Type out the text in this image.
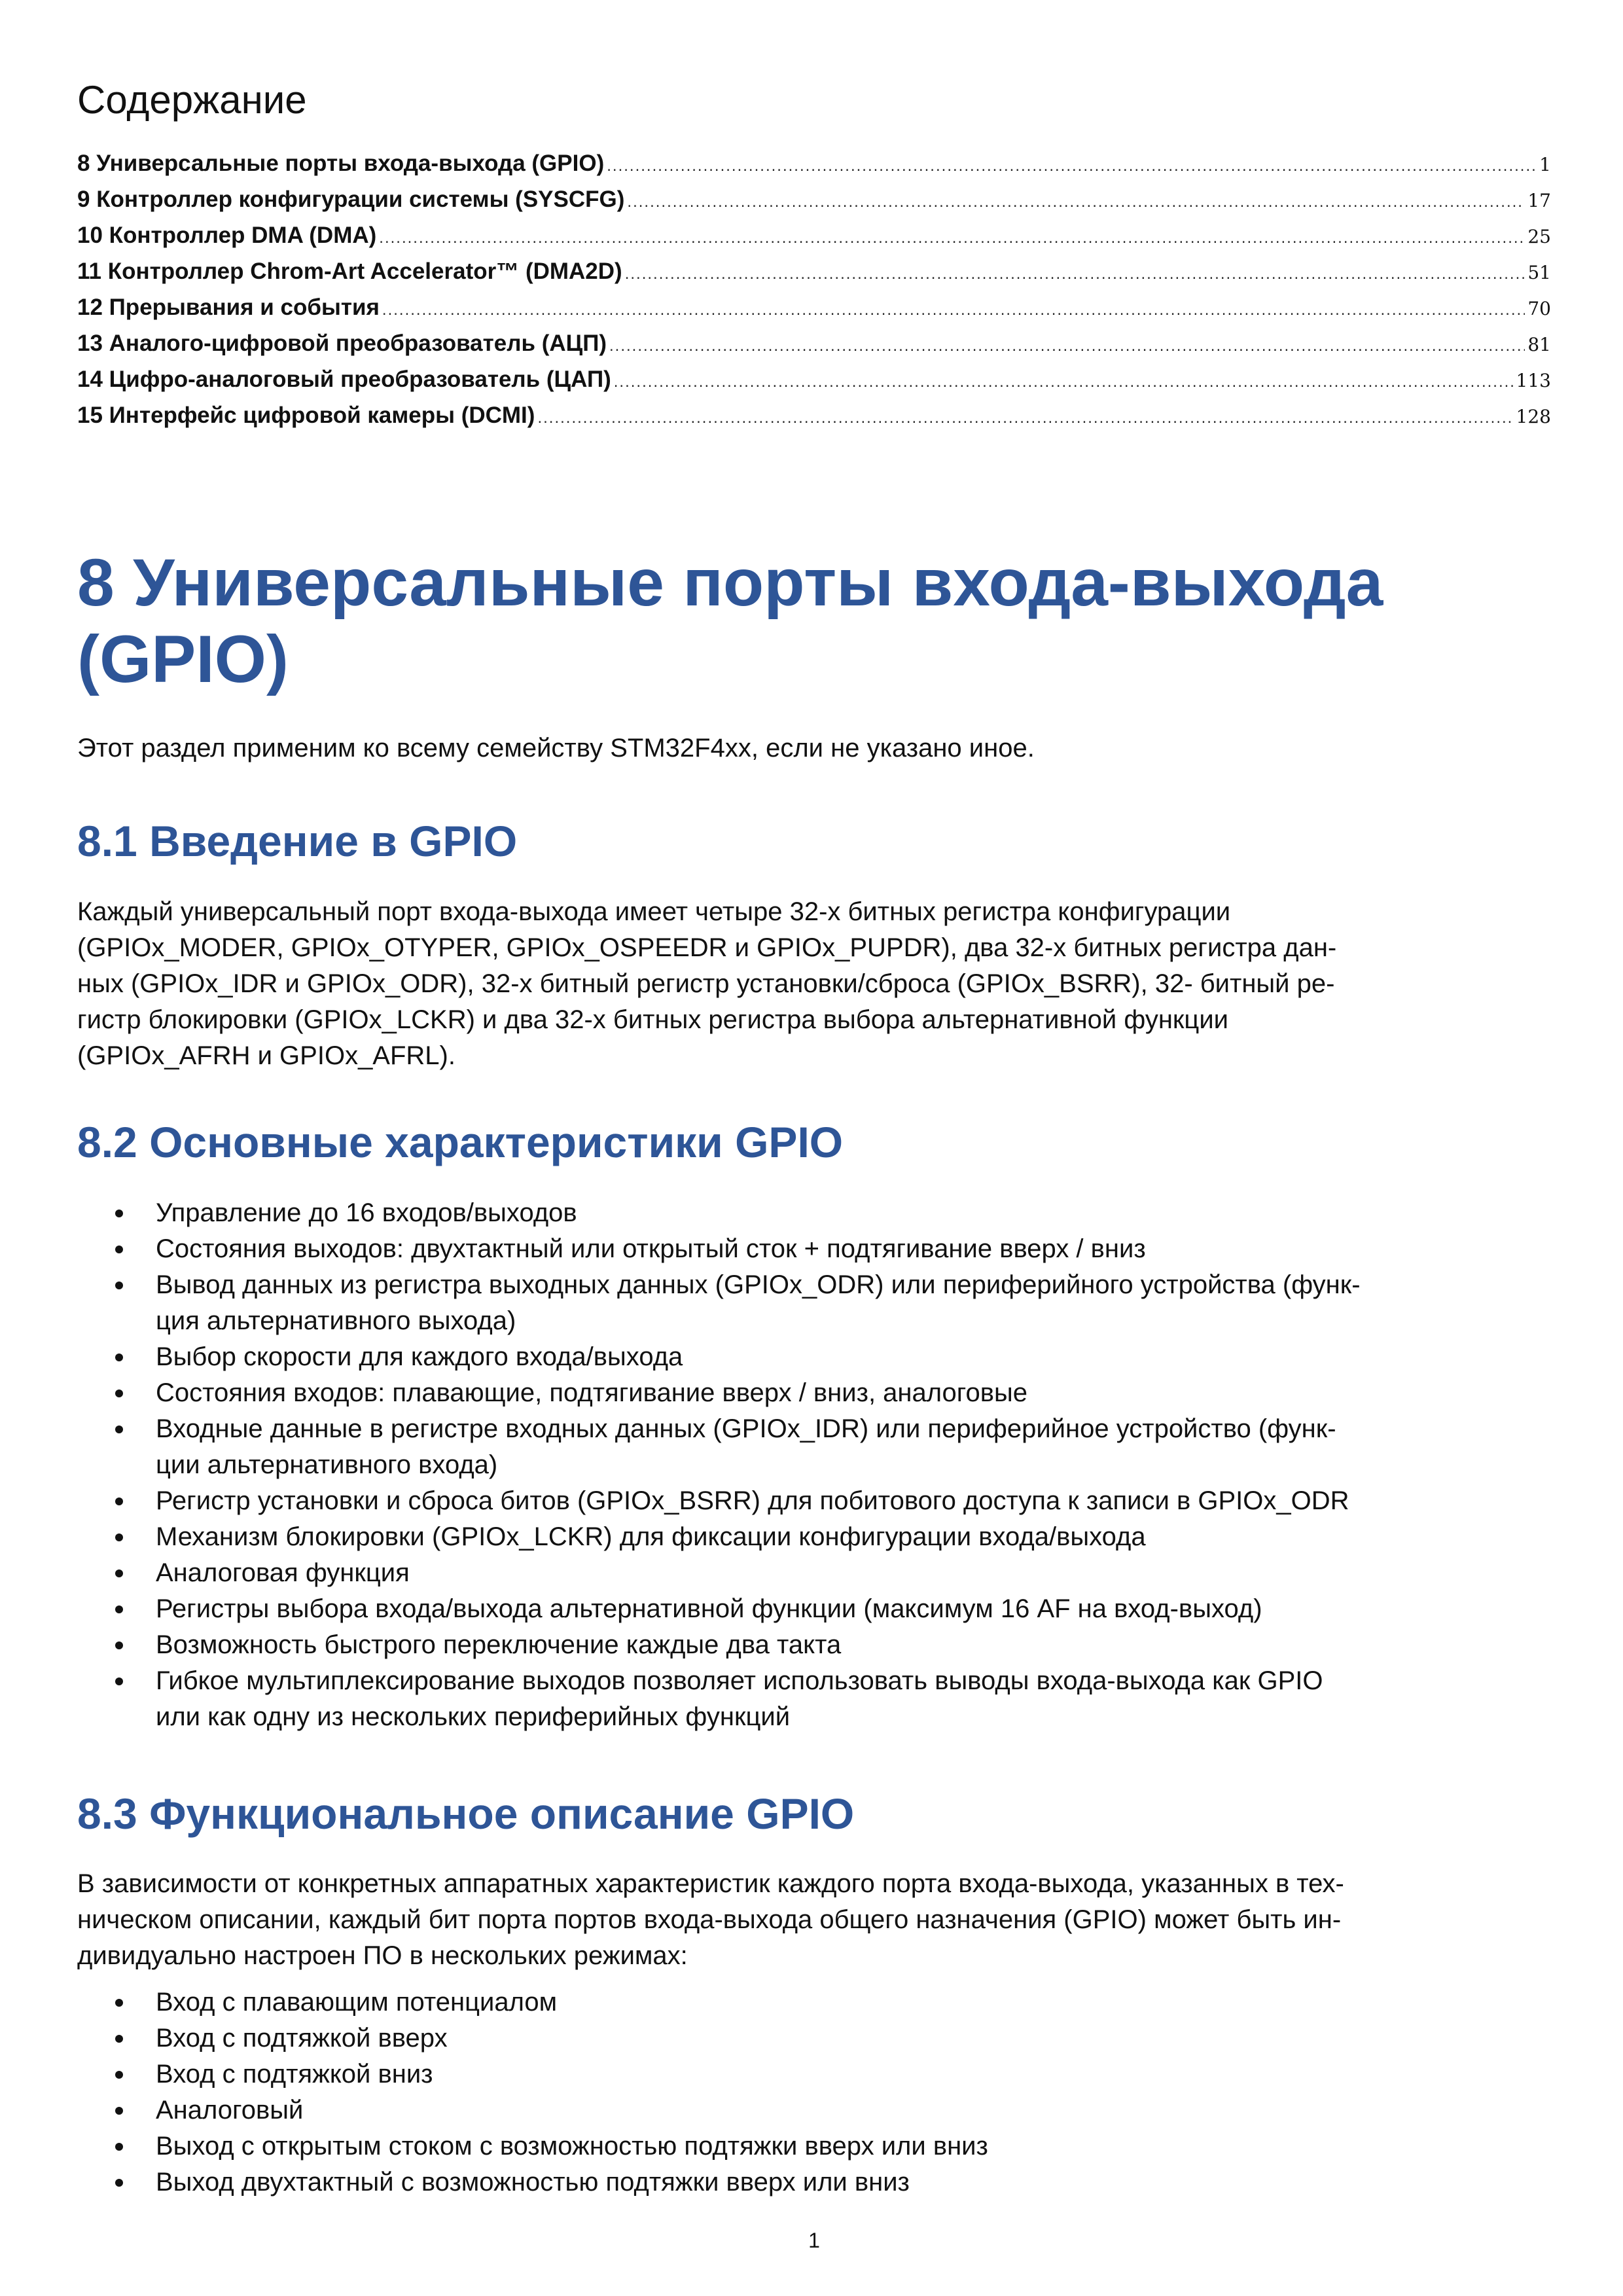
Содержание
8 Универсальные порты входа-выхода (GPIO) .....	1
9 Контроллер конфигурации системы (SYSCFG) .....	17
10 Контроллер DMA (DMA) .....	25
11 Контроллер Chrom-Art Accelerator™ (DMA2D) .....	51
12 Прерывания и события .....	70
13 Аналого-цифровой преобразователь (АЦП) .....	81
14 Цифро-аналоговый преобразователь (ЦАП) .....	113
15 Интерфейс цифровой камеры (DCMI) .....	128
8 Универсальные порты входа-выхода
(GPIO)

Этот раздел применим ко всему семейству STM32F4xx, если не указано иное.

8.1 Введение в GPIO
Каждый универсальный порт входа-выхода имеет четыре 32-х битных регистра конфигурации
(GPIOx_MODER, GPIOx_OTYPER, GPIOx_OSPEEDR и GPIOx_PUPDR), два 32-х битных регистра дан-
ных (GPIOx_IDR и GPIOx_ODR), 32-х битный регистр установки/сброса (GPIOx_BSRR), 32- битный ре-
гистр блокировки (GPIOx_LCKR) и два 32-х битных регистра выбора альтернативной функции
(GPIOx_AFRH и GPIOx_AFRL).
8.2 Основные характеристики GPIO
Управление до 16 входов/выходов
Состояния выходов: двухтактный или открытый сток + подтягивание вверх / вниз
Вывод данных из регистра выходных данных (GPIOx_ODR) или периферийного устройства (функ-
ция альтернативного выхода)
Выбор скорости для каждого входа/выхода
Состояния входов: плавающие, подтягивание вверх / вниз, аналоговые
Входные данные в регистре входных данных (GPIOx_IDR) или периферийное устройство (функ-
ции альтернативного входа)
Регистр установки и сброса битов (GPIOx_BSRR) для побитового доступа к записи в GPIOx_ODR
Механизм блокировки (GPIOx_LCKR) для фиксации конфигурации входа/выхода
Аналоговая функция
Регистры выбора входа/выхода альтернативной функции (максимум 16 AF на вход-выход)
Возможность быстрого переключение каждые два такта
Гибкое мультиплексирование выходов позволяет использовать выводы входа-выхода как GPIO
или как одну из нескольких периферийных функций
8.3 Функциональное описание GPIO
В зависимости от конкретных аппаратных характеристик каждого порта входа-выхода, указанных в тех-
ническом описании, каждый бит порта портов входа-выхода общего назначения (GPIO) может быть ин-
дивидуально настроен ПО в нескольких режимах:
Вход с плавающим потенциалом
Вход с подтяжкой вверх
Вход с подтяжкой вниз
Аналоговый
Выход с открытым стоком с возможностью подтяжки вверх или вниз
Выход двухтактный с возможностью подтяжки вверх или вниз
1
